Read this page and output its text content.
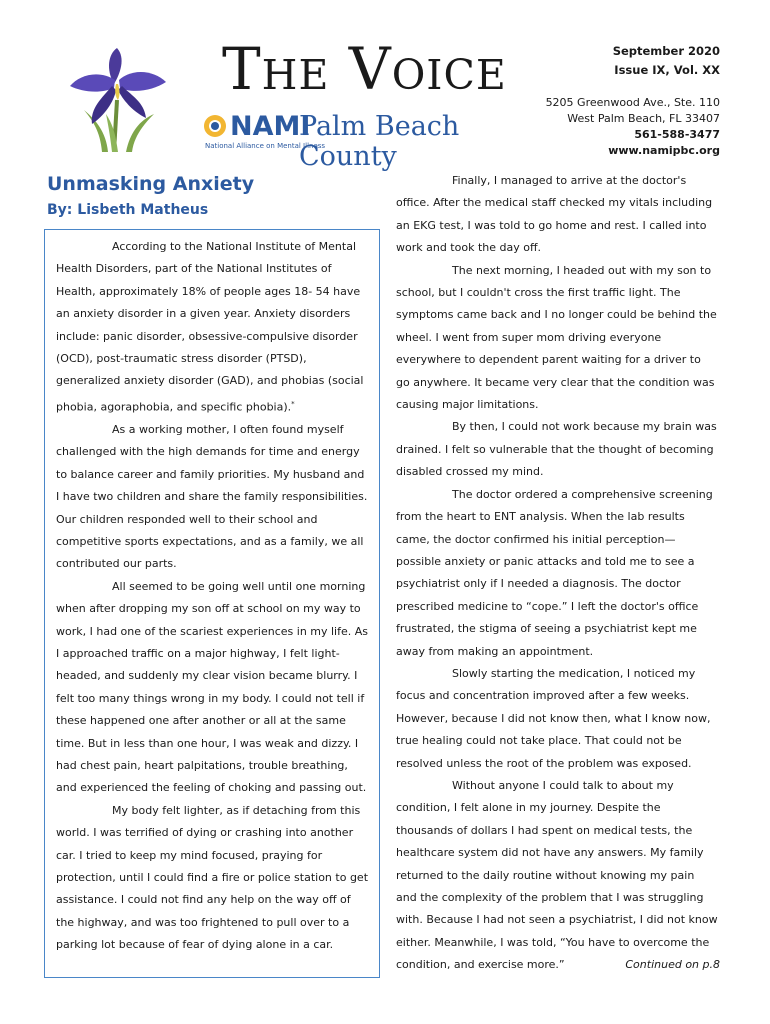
The Voice
NAMI
Palm Beach County
National Alliance on Mental Illness
September 2020
Issue IX, Vol. XX
5205 Greenwood Ave., Ste. 110
West Palm Beach, FL 33407
561-588-3477
www.namipbc.org
Unmasking Anxiety
By: Lisbeth Matheus

According to the National Institute of Mental Health Disorders, part of the National Institutes of Health, approximately 18% of people ages 18- 54 have an anxiety disorder in a given year. Anxiety disorders include: panic disorder, obsessive-compulsive disorder (OCD), post-traumatic stress disorder (PTSD), generalized anxiety disorder (GAD), and phobias (social phobia, agoraphobia, and specific phobia).*

As a working mother, I often found myself challenged with the high demands for time and energy to balance career and family priorities. My husband and I have two children and share the family responsibilities. Our children responded well to their school and competitive sports expectations, and as a family, we all contributed our parts.

All seemed to be going well until one morning when after dropping my son off at school on my way to work, I had one of the scariest experiences in my life. As I approached traffic on a major highway, I felt light-headed, and suddenly my clear vision became blurry. I felt too many things wrong in my body. I could not tell if these happened one after another or all at the same time. But in less than one hour, I was weak and dizzy. I had chest pain, heart palpitations, trouble breathing, and experienced the feeling of choking and passing out.

My body felt lighter, as if detaching from this world. I was terrified of dying or crashing into another car. I tried to keep my mind focused, praying for protection, until I could find a fire or police station to get assistance. I could not find any help on the way off of the highway, and was too frightened to pull over to a parking lot because of fear of dying alone in a car.

Finally, I managed to arrive at the doctor's office. After the medical staff checked my vitals including an EKG test, I was told to go home and rest. I called into work and took the day off.

The next morning, I headed out with my son to school, but I couldn't cross the first traffic light. The symptoms came back and I no longer could be behind the wheel. I went from super mom driving everyone everywhere to dependent parent waiting for a driver to go anywhere. It became very clear that the condition was causing major limitations.

By then, I could not work because my brain was drained. I felt so vulnerable that the thought of becoming disabled crossed my mind.

The doctor ordered a comprehensive screening from the heart to ENT analysis. When the lab results came, the doctor confirmed his initial perception—possible anxiety or panic attacks and told me to see a psychiatrist only if I needed a diagnosis. The doctor prescribed medicine to “cope.” I left the doctor's office frustrated, the stigma of seeing a psychiatrist kept me away from making an appointment.

Slowly starting the medication, I noticed my focus and concentration improved after a few weeks. However, because I did not know then, what I know now, true healing could not take place. That could not be resolved unless the root of the problem was exposed.

Without anyone I could talk to about my condition, I felt alone in my journey. Despite the thousands of dollars I had spent on medical tests, the healthcare system did not have any answers. My family returned to the daily routine without knowing my pain and the complexity of the problem that I was struggling with. Because I had not seen a psychiatrist, I did not know either. Meanwhile, I was told, “You have to overcome the condition, and exercise more.”	Continued on p.8
